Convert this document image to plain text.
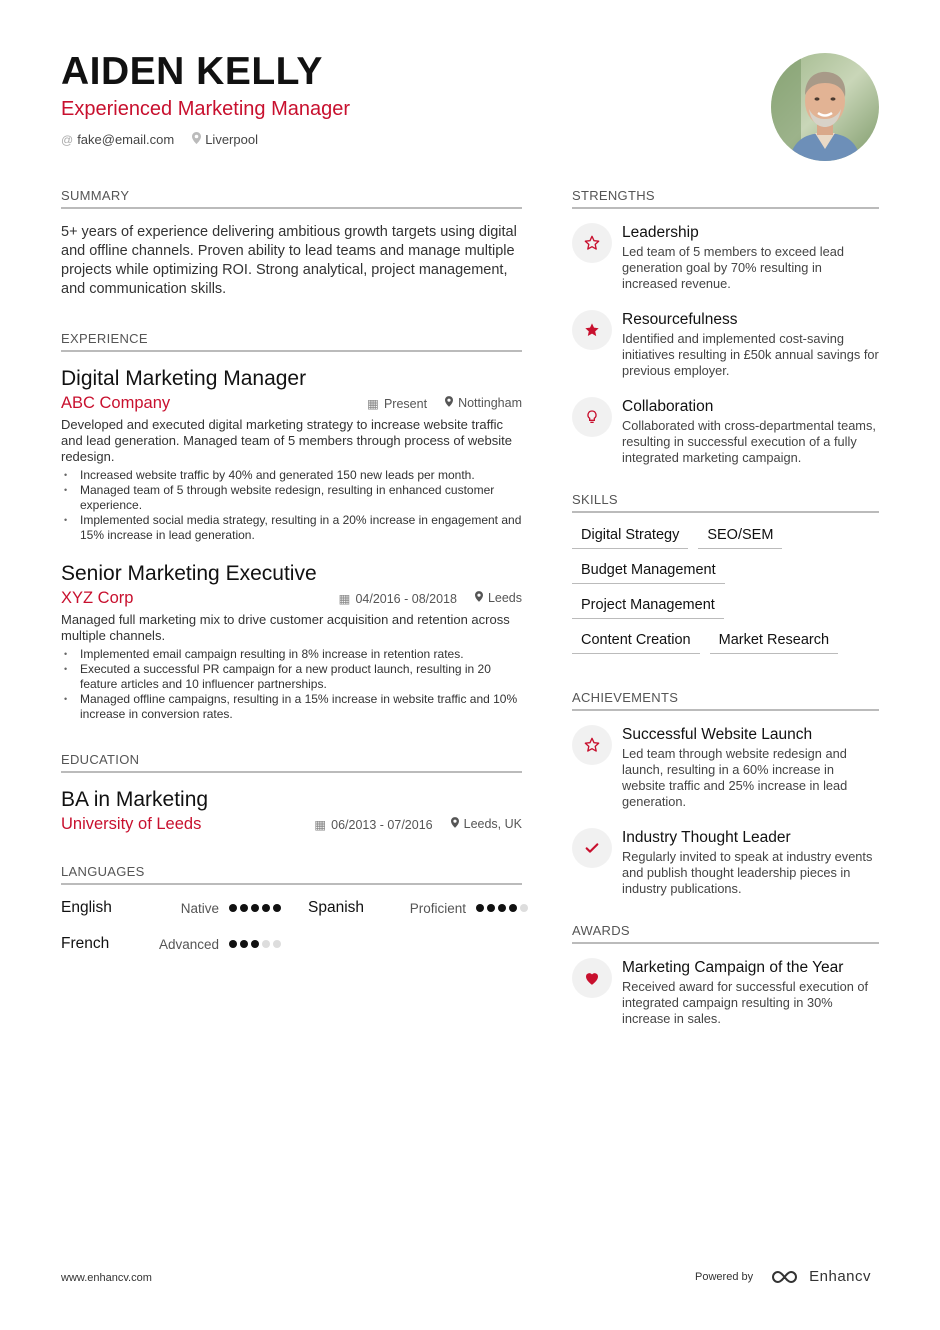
AIDEN KELLY
Experienced Marketing Manager
@ fake@email.com Liverpool
SUMMARY
5+ years of experience delivering ambitious growth targets using digital and offline channels. Proven ability to lead teams and manage multiple projects while optimizing ROI. Strong analytical, project management, and communication skills.
EXPERIENCE
Digital Marketing Manager
ABC Company	▦ Present	Nottingham
Developed and executed digital marketing strategy to increase website traffic and lead generation. Managed team of 5 members through process of website redesign.
• Increased website traffic by 40% and generated 150 new leads per month.
• Managed team of 5 through website redesign, resulting in enhanced customer experience.
• Implemented social media strategy, resulting in a 20% increase in engagement and 15% increase in lead generation.
Senior Marketing Executive
XYZ Corp	▦ 04/2016 - 08/2018	Leeds
Managed full marketing mix to drive customer acquisition and retention across multiple channels.
• Implemented email campaign resulting in 8% increase in retention rates.
• Executed a successful PR campaign for a new product launch, resulting in 20 feature articles and 10 influencer partnerships.
• Managed offline campaigns, resulting in a 15% increase in website traffic and 10% increase in conversion rates.
EDUCATION
BA in Marketing
University of Leeds	▦ 06/2013 - 07/2016	Leeds, UK
LANGUAGES
English	Native	Spanish	Proficient
French	Advanced
STRENGTHS
Leadership
Led team of 5 members to exceed lead generation goal by 70% resulting in increased revenue.
Resourcefulness
Identified and implemented cost-saving initiatives resulting in £50k annual savings for previous employer.
Collaboration
Collaborated with cross-departmental teams, resulting in successful execution of a fully integrated marketing campaign.
SKILLS
Digital Strategy	SEO/SEM
Budget Management
Project Management
Content Creation	Market Research
ACHIEVEMENTS
Successful Website Launch
Led team through website redesign and launch, resulting in a 60% increase in website traffic and 25% increase in lead generation.
Industry Thought Leader
Regularly invited to speak at industry events and publish thought leadership pieces in industry publications.
AWARDS
Marketing Campaign of the Year
Received award for successful execution of integrated campaign resulting in 30% increase in sales.
www.enhancv.com	Powered by	Enhancv
